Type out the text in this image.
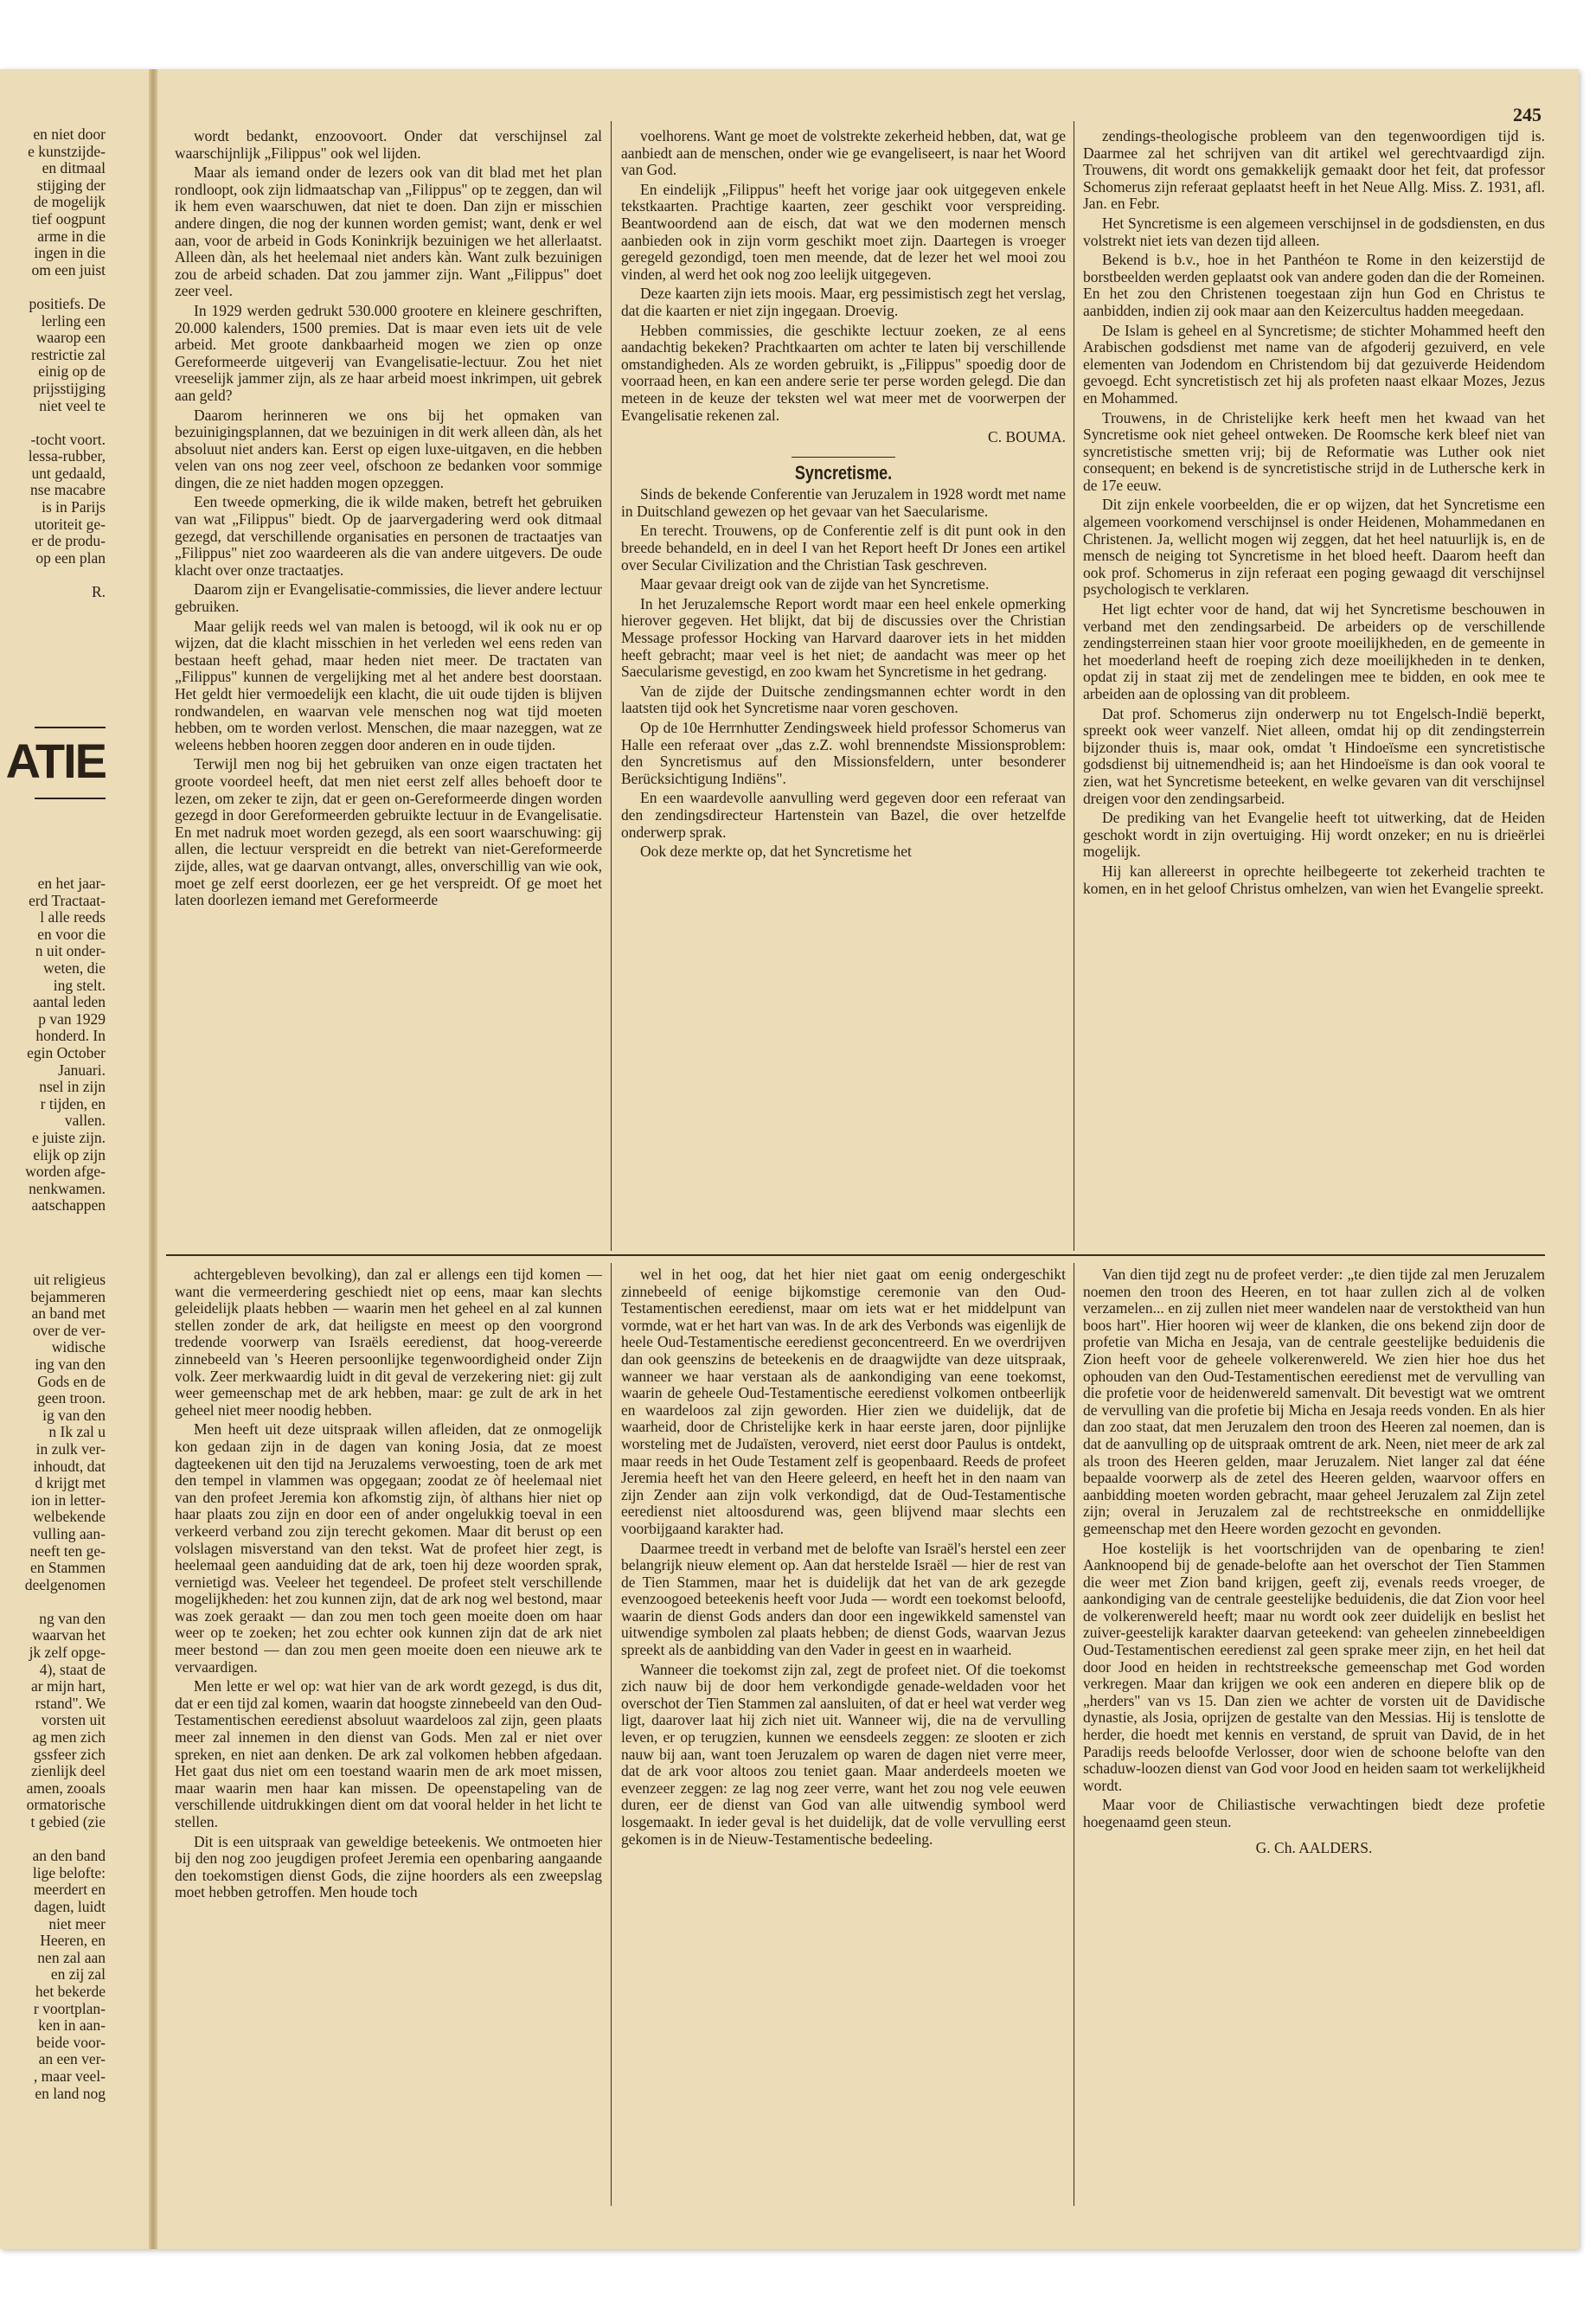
245
en niet door
e kunstzijde-
en ditmaal
stijging der
de mogelijk
tief oogpunt
arme in die
ingen in die
om een juist

positiefs. De
lerling een
waarop een
restrictie zal
einig op de
prijsstijging
niet veel te

-tocht voort.
lessa-rubber,
unt gedaald,
nse macabre
is in Parijs
utoriteit ge-
er de produ-
op een plan

R.
ATIE
en het jaar-
erd Tractaat-
l alle reeds
en voor die
n uit onder-
weten, die
ing stelt.
aantal leden
p van 1929
honderd. In
egin October
Januari.
nsel in zijn
r tijden, en
vallen.
e juiste zijn.
elijk op zijn
worden afge-
nenkwamen.
aatschappen
uit religieus
bejammeren
an band met
over de ver-
widische
ing van den
Gods en de
geen troon.
ig van den
n Ik zal u
in zulk ver-
inhoudt, dat
d krijgt met
ion in letter-
welbekende
vulling aan-
neeft ten ge-
en Stammen
deelgenomen

ng van den
waarvan het
jk zelf opge-
4), staat de
ar mijn hart,
rstand". We
vorsten uit
ag men zich
gssfeer zich
zienlijk deel
amen, zooals
ormatorische
t gebied (zie

an den band
lige belofte:
meerdert en
dagen, luidt
niet meer
Heeren, en
nen zal aan
en zij zal
het bekerde
r voortplan-
ken in aan-
beide voor-
an een ver-
, maar veel-
en land nog

wordt bedankt, enzoovoort. Onder dat verschijnsel zal waarschijnlijk „Filippus" ook wel lijden.

Maar als iemand onder de lezers ook van dit blad met het plan rondloopt, ook zijn lidmaatschap van „Filippus" op te zeggen, dan wil ik hem even waarschuwen, dat niet te doen. Dan zijn er misschien andere dingen, die nog der kunnen worden gemist; want, denk er wel aan, voor de arbeid in Gods Koninkrijk bezuinigen we het allerlaatst. Alleen dàn, als het heelemaal niet anders kàn. Want zulk bezuinigen zou de arbeid schaden. Dat zou jammer zijn. Want „Filippus" doet zeer veel.

In 1929 werden gedrukt 530.000 grootere en kleinere geschriften, 20.000 kalenders, 1500 premies. Dat is maar even iets uit de vele arbeid. Met groote dankbaarheid mogen we zien op onze Gereformeerde uitgeverij van Evangelisatie-lectuur. Zou het niet vreeselijk jammer zijn, als ze haar arbeid moest inkrimpen, uit gebrek aan geld?

Daarom herinneren we ons bij het opmaken van bezuinigingsplannen, dat we bezuinigen in dit werk alleen dàn, als het absoluut niet anders kan. Eerst op eigen luxe-uitgaven, en die hebben velen van ons nog zeer veel, ofschoon ze bedanken voor sommige dingen, die ze niet hadden mogen opzeggen.

Een tweede opmerking, die ik wilde maken, betreft het gebruiken van wat „Filippus" biedt. Op de jaarvergadering werd ook ditmaal gezegd, dat verschillende organisaties en personen de tractaatjes van „Filippus" niet zoo waardeeren als die van andere uitgevers. De oude klacht over onze tractaatjes.

Daarom zijn er Evangelisatie-commissies, die liever andere lectuur gebruiken.

Maar gelijk reeds wel van malen is betoogd, wil ik ook nu er op wijzen, dat die klacht misschien in het verleden wel eens reden van bestaan heeft gehad, maar heden niet meer. De tractaten van „Filippus" kunnen de vergelijking met al het andere best doorstaan. Het geldt hier vermoedelijk een klacht, die uit oude tijden is blijven rondwandelen, en waarvan vele menschen nog wat tijd moeten hebben, om te worden verlost. Menschen, die maar nazeggen, wat ze weleens hebben hooren zeggen door anderen en in oude tijden.

Terwijl men nog bij het gebruiken van onze eigen tractaten het groote voordeel heeft, dat men niet eerst zelf alles behoeft door te lezen, om zeker te zijn, dat er geen on-Gereformeerde dingen worden gezegd in door Gereformeerden gebruikte lectuur in de Evangelisatie. En met nadruk moet worden gezegd, als een soort waarschuwing: gij allen, die lectuur verspreidt en die betrekt van niet-Gereformeerde zijde, alles, wat ge daarvan ontvangt, alles, onverschillig van wie ook, moet ge zelf eerst doorlezen, eer ge het verspreidt. Of ge moet het laten doorlezen iemand met Gereformeerde

voelhorens. Want ge moet de volstrekte zekerheid hebben, dat, wat ge aanbiedt aan de menschen, onder wie ge evangeliseert, is naar het Woord van God.

En eindelijk „Filippus" heeft het vorige jaar ook uitgegeven enkele tekstkaarten. Prachtige kaarten, zeer geschikt voor verspreiding. Beantwoordend aan de eisch, dat wat we den modernen mensch aanbieden ook in zijn vorm geschikt moet zijn. Daartegen is vroeger geregeld gezondigd, toen men meende, dat de lezer het wel mooi zou vinden, al werd het ook nog zoo leelijk uitgegeven.

Deze kaarten zijn iets moois. Maar, erg pessimistisch zegt het verslag, dat die kaarten er niet zijn ingegaan. Droevig.

Hebben commissies, die geschikte lectuur zoeken, ze al eens aandachtig bekeken? Prachtkaarten om achter te laten bij verschillende omstandigheden. Als ze worden gebruikt, is „Filippus" spoedig door de voorraad heen, en kan een andere serie ter perse worden gelegd. Die dan meteen in de keuze der teksten wel wat meer met de voorwerpen der Evangelisatie rekenen zal.

C. BOUMA.

Syncretisme.

Sinds de bekende Conferentie van Jeruzalem in 1928 wordt met name in Duitschland gewezen op het gevaar van het Saecularisme.

En terecht. Trouwens, op de Conferentie zelf is dit punt ook in den breede behandeld, en in deel I van het Report heeft Dr Jones een artikel over Secular Civilization and the Christian Task geschreven.

Maar gevaar dreigt ook van de zijde van het Syncretisme.

In het Jeruzalemsche Report wordt maar een heel enkele opmerking hierover gegeven. Het blijkt, dat bij de discussies over the Christian Message professor Hocking van Harvard daarover iets in het midden heeft gebracht; maar veel is het niet; de aandacht was meer op het Saecularisme gevestigd, en zoo kwam het Syncretisme in het gedrang.

Van de zijde der Duitsche zendingsmannen echter wordt in den laatsten tijd ook het Syncretisme naar voren geschoven.

Op de 10e Herrnhutter Zendingsweek hield professor Schomerus van Halle een referaat over „das z.Z. wohl brennendste Missionsproblem: den Syncretismus auf den Missionsfeldern, unter besonderer Berücksichtigung Indiëns".

En een waardevolle aanvulling werd gegeven door een referaat van den zendingsdirecteur Hartenstein van Bazel, die over hetzelfde onderwerp sprak.

Ook deze merkte op, dat het Syncretisme het

zendings-theologische probleem van den tegenwoordigen tijd is. Daarmee zal het schrijven van dit artikel wel gerechtvaardigd zijn. Trouwens, dit wordt ons gemakkelijk gemaakt door het feit, dat professor Schomerus zijn referaat geplaatst heeft in het Neue Allg. Miss. Z. 1931, afl. Jan. en Febr.

Het Syncretisme is een algemeen verschijnsel in de godsdiensten, en dus volstrekt niet iets van dezen tijd alleen.

Bekend is b.v., hoe in het Panthéon te Rome in den keizerstijd de borstbeelden werden geplaatst ook van andere goden dan die der Romeinen. En het zou den Christenen toegestaan zijn hun God en Christus te aanbidden, indien zij ook maar aan den Keizercultus hadden meegedaan.

De Islam is geheel en al Syncretisme; de stichter Mohammed heeft den Arabischen godsdienst met name van de afgoderij gezuiverd, en vele elementen van Jodendom en Christendom bij dat gezuiverde Heidendom gevoegd. Echt syncretistisch zet hij als profeten naast elkaar Mozes, Jezus en Mohammed.

Trouwens, in de Christelijke kerk heeft men het kwaad van het Syncretisme ook niet geheel ontweken. De Roomsche kerk bleef niet van syncretistische smetten vrij; bij de Reformatie was Luther ook niet consequent; en bekend is de syncretistische strijd in de Luthersche kerk in de 17e eeuw.

Dit zijn enkele voorbeelden, die er op wijzen, dat het Syncretisme een algemeen voorkomend verschijnsel is onder Heidenen, Mohammedanen en Christenen. Ja, wellicht mogen wij zeggen, dat het heel natuurlijk is, en de mensch de neiging tot Syncretisme in het bloed heeft. Daarom heeft dan ook prof. Schomerus in zijn referaat een poging gewaagd dit verschijnsel psychologisch te verklaren.

Het ligt echter voor de hand, dat wij het Syncretisme beschouwen in verband met den zendingsarbeid. De arbeiders op de verschillende zendingsterreinen staan hier voor groote moeilijkheden, en de gemeente in het moederland heeft de roeping zich deze moeilijkheden in te denken, opdat zij in staat zij met de zendelingen mee te bidden, en ook mee te arbeiden aan de oplossing van dit probleem.

Dat prof. Schomerus zijn onderwerp nu tot Engelsch-Indië beperkt, spreekt ook weer vanzelf. Niet alleen, omdat hij op dit zendingsterrein bijzonder thuis is, maar ook, omdat 't Hindoeïsme een syncretistische godsdienst bij uitnemendheid is; aan het Hindoeïsme is dan ook vooral te zien, wat het Syncretisme beteekent, en welke gevaren van dit verschijnsel dreigen voor den zendingsarbeid.

De prediking van het Evangelie heeft tot uitwerking, dat de Heiden geschokt wordt in zijn overtuiging. Hij wordt onzeker; en nu is drieërlei mogelijk.

Hij kan allereerst in oprechte heilbegeerte tot zekerheid trachten te komen, en in het geloof Christus omhelzen, van wien het Evangelie spreekt.

achtergebleven bevolking), dan zal er allengs een tijd komen — want die vermeerdering geschiedt niet op eens, maar kan slechts geleidelijk plaats hebben — waarin men het geheel en al zal kunnen stellen zonder de ark, dat heiligste en meest op den voorgrond tredende voorwerp van Israëls eeredienst, dat hoog-vereerde zinnebeeld van 's Heeren persoonlijke tegenwoordigheid onder Zijn volk. Zeer merkwaardig luidt in dit geval de verzekering niet: gij zult weer gemeenschap met de ark hebben, maar: ge zult de ark in het geheel niet meer noodig hebben.

Men heeft uit deze uitspraak willen afleiden, dat ze onmogelijk kon gedaan zijn in de dagen van koning Josia, dat ze moest dagteekenen uit den tijd na Jeruzalems verwoesting, toen de ark met den tempel in vlammen was opgegaan; zoodat ze òf heelemaal niet van den profeet Jeremia kon afkomstig zijn, òf althans hier niet op haar plaats zou zijn en door een of ander ongelukkig toeval in een verkeerd verband zou zijn terecht gekomen. Maar dit berust op een volslagen misverstand van den tekst. Wat de profeet hier zegt, is heelemaal geen aanduiding dat de ark, toen hij deze woorden sprak, vernietigd was. Veeleer het tegendeel. De profeet stelt verschillende mogelijkheden: het zou kunnen zijn, dat de ark nog wel bestond, maar was zoek geraakt — dan zou men toch geen moeite doen om haar weer op te zoeken; het zou echter ook kunnen zijn dat de ark niet meer bestond — dan zou men geen moeite doen een nieuwe ark te vervaardigen.

Men lette er wel op: wat hier van de ark wordt gezegd, is dus dit, dat er een tijd zal komen, waarin dat hoogste zinnebeeld van den Oud-Testamentischen eeredienst absoluut waardeloos zal zijn, geen plaats meer zal innemen in den dienst van Gods. Men zal er niet over spreken, en niet aan denken. De ark zal volkomen hebben afgedaan. Het gaat dus niet om een toestand waarin men de ark moet missen, maar waarin men haar kan missen. De opeenstapeling van de verschillende uitdrukkingen dient om dat vooral helder in het licht te stellen.

Dit is een uitspraak van geweldige beteekenis. We ontmoeten hier bij den nog zoo jeugdigen profeet Jeremia een openbaring aangaande den toekomstigen dienst Gods, die zijne hoorders als een zweepslag moet hebben getroffen. Men houde toch

wel in het oog, dat het hier niet gaat om eenig ondergeschikt zinnebeeld of eenige bijkomstige ceremonie van den Oud-Testamentischen eeredienst, maar om iets wat er het middelpunt van vormde, wat er het hart van was. In de ark des Verbonds was eigenlijk de heele Oud-Testamentische eeredienst geconcentreerd. En we overdrijven dan ook geenszins de beteekenis en de draagwijdte van deze uitspraak, wanneer we haar verstaan als de aankondiging van eene toekomst, waarin de geheele Oud-Testamentische eeredienst volkomen ontbeerlijk en waardeloos zal zijn geworden. Hier zien we duidelijk, dat de waarheid, door de Christelijke kerk in haar eerste jaren, door pijnlijke worsteling met de Judaïsten, veroverd, niet eerst door Paulus is ontdekt, maar reeds in het Oude Testament zelf is geopenbaard. Reeds de profeet Jeremia heeft het van den Heere geleerd, en heeft het in den naam van zijn Zender aan zijn volk verkondigd, dat de Oud-Testamentische eeredienst niet altoosdurend was, geen blijvend maar slechts een voorbijgaand karakter had.

Daarmee treedt in verband met de belofte van Israël's herstel een zeer belangrijk nieuw element op. Aan dat herstelde Israël — hier de rest van de Tien Stammen, maar het is duidelijk dat het van de ark gezegde evenzoogoed beteekenis heeft voor Juda — wordt een toekomst beloofd, waarin de dienst Gods anders dan door een ingewikkeld samenstel van uitwendige symbolen zal plaats hebben; de dienst Gods, waarvan Jezus spreekt als de aanbidding van den Vader in geest en in waarheid.

Wanneer die toekomst zijn zal, zegt de profeet niet. Of die toekomst zich nauw bij de door hem verkondigde genade-weldaden voor het overschot der Tien Stammen zal aansluiten, of dat er heel wat verder weg ligt, daarover laat hij zich niet uit. Wanneer wij, die na de vervulling leven, er op terugzien, kunnen we eensdeels zeggen: ze slooten er zich nauw bij aan, want toen Jeruzalem op waren de dagen niet verre meer, dat de ark voor altoos zou teniet gaan. Maar anderdeels moeten we evenzeer zeggen: ze lag nog zeer verre, want het zou nog vele eeuwen duren, eer de dienst van God van alle uitwendig symbool werd losgemaakt. In ieder geval is het duidelijk, dat de volle vervulling eerst gekomen is in de Nieuw-Testamentische bedeeling.

Van dien tijd zegt nu de profeet verder: „te dien tijde zal men Jeruzalem noemen den troon des Heeren, en tot haar zullen zich al de volken verzamelen... en zij zullen niet meer wandelen naar de verstoktheid van hun boos hart". Hier hooren wij weer de klanken, die ons bekend zijn door de profetie van Micha en Jesaja, van de centrale geestelijke beduidenis die Zion heeft voor de geheele volkerenwereld. We zien hier hoe dus het ophouden van den Oud-Testamentischen eeredienst met de vervulling van die profetie voor de heidenwereld samenvalt. Dit bevestigt wat we omtrent de vervulling van die profetie bij Micha en Jesaja reeds vonden. En als hier dan zoo staat, dat men Jeruzalem den troon des Heeren zal noemen, dan is dat de aanvulling op de uitspraak omtrent de ark. Neen, niet meer de ark zal als troon des Heeren gelden, maar Jeruzalem. Niet langer zal dat ééne bepaalde voorwerp als de zetel des Heeren gelden, waarvoor offers en aanbidding moeten worden gebracht, maar geheel Jeruzalem zal Zijn zetel zijn; overal in Jeruzalem zal de rechtstreeksche en onmiddellijke gemeenschap met den Heere worden gezocht en gevonden.

Hoe kostelijk is het voortschrijden van de openbaring te zien! Aanknoopend bij de genade-belofte aan het overschot der Tien Stammen die weer met Zion band krijgen, geeft zij, evenals reeds vroeger, de aankondiging van de centrale geestelijke beduidenis, die dat Zion voor heel de volkerenwereld heeft; maar nu wordt ook zeer duidelijk en beslist het zuiver-geestelijk karakter daarvan geteekend: van geheelen zinnebeeldigen Oud-Testamentischen eeredienst zal geen sprake meer zijn, en het heil dat door Jood en heiden in rechtstreeksche gemeenschap met God worden verkregen. Maar dan krijgen we ook een anderen en diepere blik op de „herders" van vs 15. Dan zien we achter de vorsten uit de Davidische dynastie, als Josia, oprijzen de gestalte van den Messias. Hij is tenslotte de herder, die hoedt met kennis en verstand, de spruit van David, de in het Paradijs reeds beloofde Verlosser, door wien de schoone belofte van den schaduw-loozen dienst van God voor Jood en heiden saam tot werkelijkheid wordt.

Maar voor de Chiliastische verwachtingen biedt deze profetie hoegenaamd geen steun.

G. Ch. AALDERS.
